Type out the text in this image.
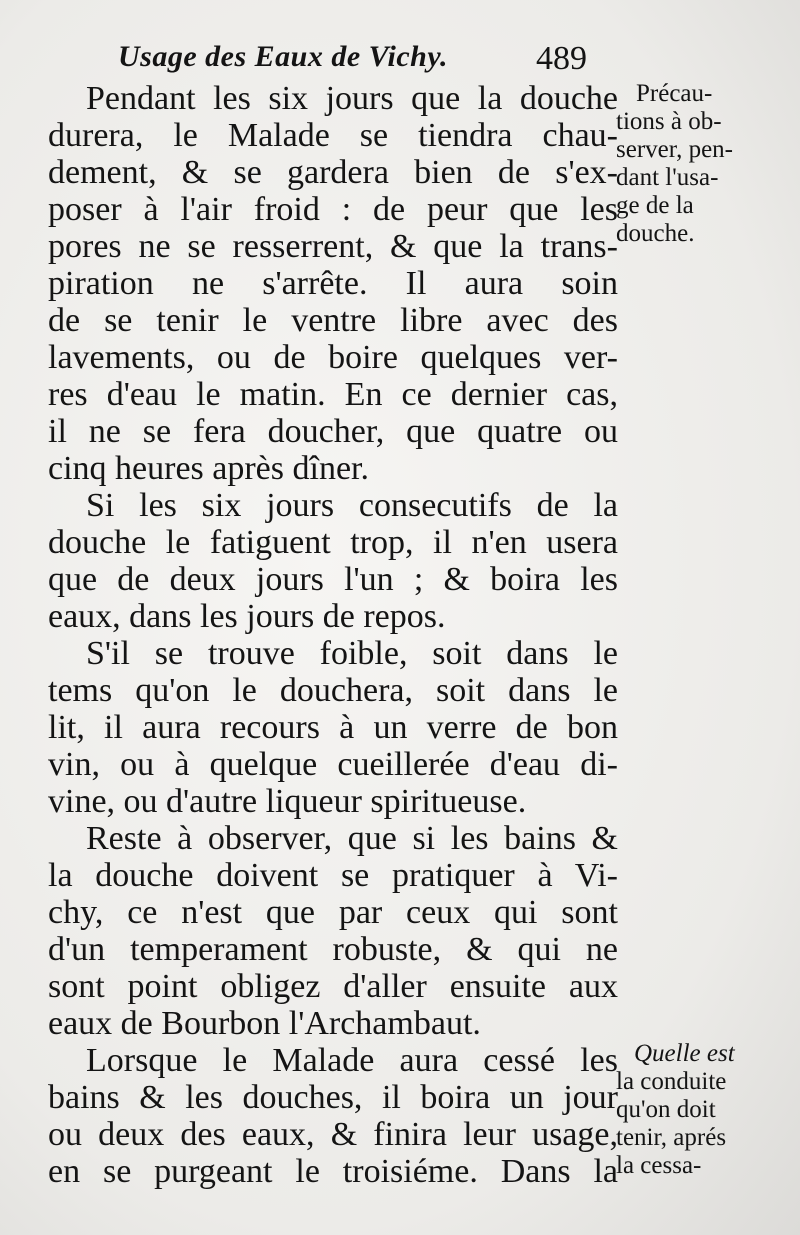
Usage des Eaux de Vichy.	489
Pendant les six jours que la douche
durera, le Malade se tiendra chau-
dement, & se gardera bien de s'ex-
poser à l'air froid : de peur que les
pores ne se resserrent, & que la trans-
piration ne s'arrête. Il aura soin
de se tenir le ventre libre avec des
lavements, ou de boire quelques ver-
res d'eau le matin. En ce dernier cas,
il ne se fera doucher, que quatre ou
cinq heures après dîner.
Si les six jours consecutifs de la
douche le fatiguent trop, il n'en usera
que de deux jours l'un ; & boira les
eaux, dans les jours de repos.
S'il se trouve foible, soit dans le
tems qu'on le douchera, soit dans le
lit, il aura recours à un verre de bon
vin, ou à quelque cueillerée d'eau di-
vine, ou d'autre liqueur spiritueuse.
Reste à observer, que si les bains &
la douche doivent se pratiquer à Vi-
chy, ce n'est que par ceux qui sont
d'un temperament robuste, & qui ne
sont point obligez d'aller ensuite aux
eaux de Bourbon l'Archambaut.
Lorsque le Malade aura cessé les
bains & les douches, il boira un jour
ou deux des eaux, & finira leur usage,
en se purgeant le troisiéme. Dans la
Précau-
tions à ob-
server, pen-
dant l'usa-
ge de la
douche.
Quelle est
la conduite
qu'on doit
tenir, aprés
la cessa-
